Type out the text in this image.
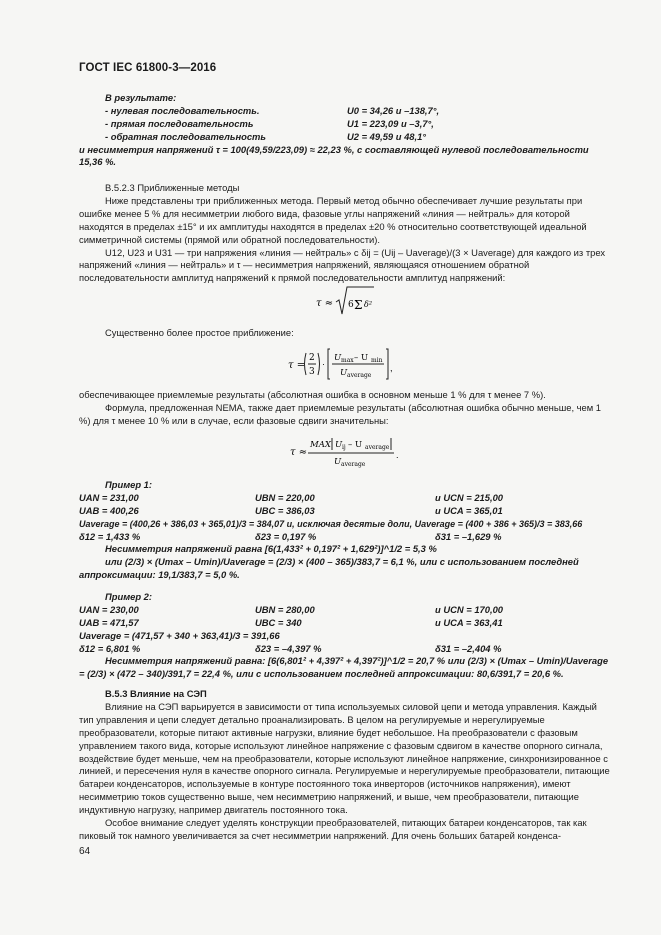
ГОСТ IEC 61800-3—2016
В результате:
- нулевая последовательность.	U0 = 34,26 и –138,7°,
- прямая последовательность	U1 = 223,09 и –3,7°,
- обратная последовательность	U2 = 49,59 и 48,1°

и несимметрия напряжений τ = 100(49,59/223,09) ≈ 22,23 %, с составляющей нулевой последовательности 15,36 %.

В.5.2.3 Приближенные методы

Ниже представлены три приближенных метода. Первый метод обычно обеспечивает лучшие результаты при ошибке менее 5 % для несимметрии любого вида, фазовые углы напряжений «линия — нейтраль» для которой находятся в пределах ±15° и их амплитуды находятся в пределах ±20 % относительно соответствующей идеальной симметричной системы (прямой или обратной последовательности).

U12, U23 и U31 — три напряжения «линия — нейтраль» с δij = (Uij – Uaverage)/(3 × Uaverage) для каждого из трех напряжений «линия — нейтраль» и τ — несимметрия напряжений, являющаяся отношением обратной последовательности амплитуд напряжений к прямой последовательности амплитуд напряжений:

τ ≈ 6 Σ δ²

Существенно более простое приближение:

τ =
2
3
·
U max – U min
U average
,

обеспечивающее приемлемые результаты (абсолютная ошибка в основном меньше 1 % для τ менее 7 %).

Формула, предложенная NEMA, также дает приемлемые результаты (абсолютная ошибка обычно меньше, чем 1 %) для τ менее 10 % или в случае, если фазовые сдвиги значительны:

τ ≈
MAX U ij – U average
U average
.
Пример 1:
UAN = 231,00	UBN = 220,00	и UCN = 215,00
UAB = 400,26	UBC = 386,03	и UCA = 365,01

Uaverage = (400,26 + 386,03 + 365,01)/3 = 384,07 и, исключая десятые доли, Uaverage = (400 + 386 + 365)/3 = 383,66

δ12 = 1,433 %	δ23 = 0,197 %	δ31 = –1,629 %

Несимметрия напряжений равна [6(1,433² + 0,197² + 1,629²)]^1/2 = 5,3 %

или (2/3) × (Umax – Umin)/Uaverage = (2/3) × (400 – 365)/383,7 = 6,1 %, или с использованием последней аппроксимации: 19,1/383,7 = 5,0 %.

Пример 2:
UAN = 230,00	UBN = 280,00	и UCN = 170,00
UAB = 471,57	UBC = 340	и UCA = 363,41

Uaverage = (471,57 + 340 + 363,41)/3 = 391,66

δ12 = 6,801 %	δ23 = –4,397 %	δ31 = –2,404 %

Несимметрия напряжений равна: [6(6,801² + 4,397² + 4,397²)]^1/2 = 20,7 % или (2/3) × (Umax – Umin)/Uaverage = (2/3) × (472 – 340)/391,7 = 22,4 %, или с использованием последней аппроксимации: 80,6/391,7 = 20,6 %.

В.5.3 Влияние на СЭП

Влияние на СЭП варьируется в зависимости от типа используемых силовой цепи и метода управления. Каждый тип управления и цепи следует детально проанализировать. В целом на регулируемые и нерегулируемые преобразователи, которые питают активные нагрузки, влияние будет небольшое. На преобразователи с фазовым управлением такого вида, которые используют линейное напряжение с фазовым сдвигом в качестве опорного сигнала, воздействие будет меньше, чем на преобразователи, которые используют линейное напряжение, синхронизированное с линией, и пересечения нуля в качестве опорного сигнала. Регулируемые и нерегулируемые преобразователи, питающие батареи конденсаторов, используемые в контуре постоянного тока инверторов (источников напряжения), имеют несимметрию токов существенно выше, чем несимметрию напряжений, и выше, чем преобразователи, питающие индуктивную нагрузку, например двигатель постоянного тока.

Особое внимание следует уделять конструкции преобразователей, питающих батареи конденсаторов, так как пиковый ток намного увеличивается за счет несимметрии напряжений. Для очень больших батарей конденса-

64
